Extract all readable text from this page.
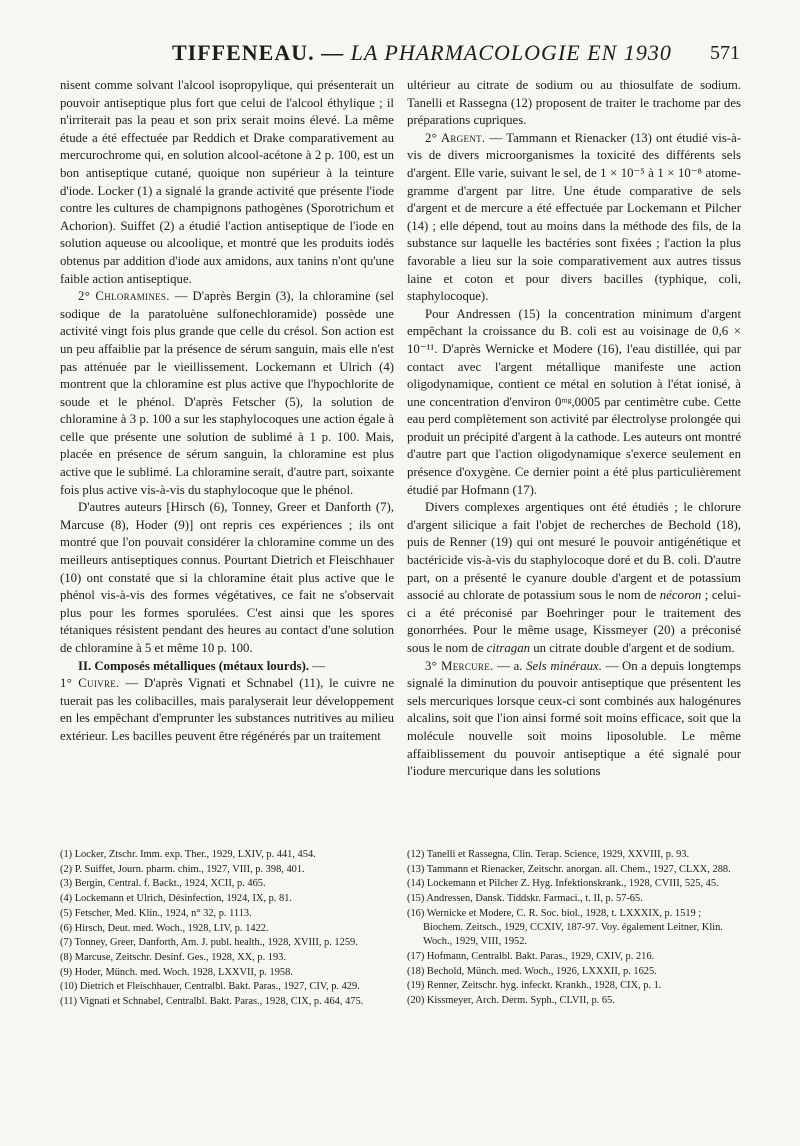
TIFFENEAU. — LA PHARMACOLOGIE EN 1930 571

nisent comme solvant l'alcool isopropylique, qui présenterait un pouvoir antiseptique plus fort que celui de l'alcool éthylique ; il n'irriterait pas la peau et son prix serait moins élevé. La même étude a été effectuée par Reddich et Drake comparativement au mercurochrome qui, en solution alcool-acétone à 2 p. 100, est un bon antiseptique cutané, quoique non supérieur à la teinture d'iode. Locker (1) a signalé la grande activité que présente l'iode contre les cultures de champignons pathogènes (Sporotrichum et Achorion). Suiffet (2) a étudié l'action antiseptique de l'iode en solution aqueuse ou alcoolique, et montré que les produits iodés obtenus par addition d'iode aux amidons, aux tanins n'ont qu'une faible action antiseptique.

2° Chloramines. — D'après Bergin (3), la chloramine (sel sodique de la paratoluène sulfonechloramide) possède une activité vingt fois plus grande que celle du crésol. Son action est un peu affaiblie par la présence de sérum sanguin, mais elle n'est pas atténuée par le vieillissement. Lockemann et Ulrich (4) montrent que la chloramine est plus active que l'hypochlorite de soude et le phénol. D'après Fetscher (5), la solution de chloramine à 3 p. 100 a sur les staphylocoques une action égale à celle que présente une solution de sublimé à 1 p. 100. Mais, placée en présence de sérum sanguin, la chloramine est plus active que le sublimé. La chloramine serait, d'autre part, soixante fois plus active vis-à-vis du staphylocoque que le phénol.

D'autres auteurs [Hirsch (6), Tonney, Greer et Danforth (7), Marcuse (8), Hoder (9)] ont repris ces expériences ; ils ont montré que l'on pouvait considérer la chloramine comme un des meilleurs antiseptiques connus. Pourtant Dietrich et Fleischhauer (10) ont constaté que si la chloramine était plus active que le phénol vis-à-vis des formes végétatives, ce fait ne s'observait plus pour les formes sporulées. C'est ainsi que les spores tétaniques résistent pendant des heures au contact d'une solution de chloramine à 5 et même 10 p. 100.

II. Composés métalliques (métaux lourds). —

1° Cuivre. — D'après Vignati et Schnabel (11), le cuivre ne tuerait pas les colibacilles, mais paralyserait leur développement en les empêchant d'emprunter les substances nutritives au milieu extérieur. Les bacilles peuvent être régénérés par un traitement

ultérieur au citrate de sodium ou au thiosulfate de sodium. Tanelli et Rassegna (12) proposent de traiter le trachome par des préparations cupriques.

2° Argent. — Tammann et Rienacker (13) ont étudié vis-à-vis de divers microorganismes la toxicité des différents sels d'argent. Elle varie, suivant le sel, de 1 × 10⁻⁵ à 1 × 10⁻⁸ atome-gramme d'argent par litre. Une étude comparative de sels d'argent et de mercure a été effectuée par Lockemann et Pilcher (14) ; elle dépend, tout au moins dans la méthode des fils, de la substance sur laquelle les bactéries sont fixées ; l'action la plus favorable a lieu sur la soie comparativement aux autres tissus laine et coton et pour divers bacilles (typhique, coli, staphylocoque).

Pour Andressen (15) la concentration minimum d'argent empêchant la croissance du B. coli est au voisinage de 0,6 × 10⁻¹¹. D'après Wernicke et Modere (16), l'eau distillée, qui par contact avec l'argent métallique manifeste une action oligodynamique, contient ce métal en solution à l'état ionisé, à une concentration d'environ 0ᵐᵍ,0005 par centimètre cube. Cette eau perd complètement son activité par électrolyse prolongée qui produit un précipité d'argent à la cathode. Les auteurs ont montré d'autre part que l'action oligodynamique s'exerce seulement en présence d'oxygène. Ce dernier point a été plus particulièrement étudié par Hofmann (17).

Divers complexes argentiques ont été étudiés ; le chlorure d'argent silicique a fait l'objet de recherches de Bechold (18), puis de Renner (19) qui ont mesuré le pouvoir antigénétique et bactéricide vis-à-vis du staphylocoque doré et du B. coli. D'autre part, on a présenté le cyanure double d'argent et de potassium associé au chlorate de potassium sous le nom de nécoron ; celui-ci a été préconisé par Boehringer pour le traitement des gonorrhées. Pour le même usage, Kissmeyer (20) a préconisé sous le nom de citragan un citrate double d'argent et de sodium.

3° Mercure. — a. Sels minéraux. — On a depuis longtemps signalé la diminution du pouvoir antiseptique que présentent les sels mercuriques lorsque ceux-ci sont combinés aux halogénures alcalins, soit que l'ion ainsi formé soit moins efficace, soit que la molécule nouvelle soit moins liposoluble. Le même affaiblissement du pouvoir antiseptique a été signalé pour l'iodure mercurique dans les solutions

(1) Locker, Ztschr. Imm. exp. Ther., 1929, LXIV, p. 441, 454.

(2) P. Suiffet, Journ. pharm. chim., 1927, VIII, p. 398, 401.

(3) Bergin, Central. f. Backt., 1924, XCII, p. 465.

(4) Lockemann et Ulrich, Désinfection, 1924, IX, p. 81.

(5) Fetscher, Med. Klin., 1924, n° 32, p. 1113.

(6) Hirsch, Deut. med. Woch., 1928, LIV, p. 1422.

(7) Tonney, Greer, Danforth, Am. J. publ. health., 1928, XVIII, p. 1259.

(8) Marcuse, Zeitschr. Desinf. Ges., 1928, XX, p. 193.

(9) Hoder, Münch. med. Woch. 1928, LXXVII, p. 1958.

(10) Dietrich et Fleischhauer, Centralbl. Bakt. Paras., 1927, CIV, p. 429.

(11) Vignati et Schnabel, Centralbl. Bakt. Paras., 1928, CIX, p. 464, 475.

(12) Tanelli et Rassegna, Clin. Terap. Science, 1929, XXVIII, p. 93.

(13) Tammann et Rienacker, Zeitschr. anorgan. all. Chem., 1927, CLXX, 288.

(14) Lockemann et Pilcher Z. Hyg. Infektionskrank., 1928, CVIII, 525, 45.

(15) Andressen, Dansk. Tiddskr. Farmaci., t. II, p. 57-65.

(16) Wernicke et Modere, C. R. Soc. biol., 1928, t. LXXXIX, p. 1519 ; Biochem. Zeitsch., 1929, CCXIV, 187-97. Voy. également Leitner, Klin. Woch., 1929, VIII, 1952.

(17) Hofmann, Centralbl. Bakt. Paras., 1929, CXIV, p. 216.

(18) Bechold, Münch. med. Woch., 1926, LXXXII, p. 1625.

(19) Renner, Zeitschr. hyg. infeckt. Krankh., 1928, CIX, p. 1.

(20) Kissmeyer, Arch. Derm. Syph., CLVII, p. 65.
